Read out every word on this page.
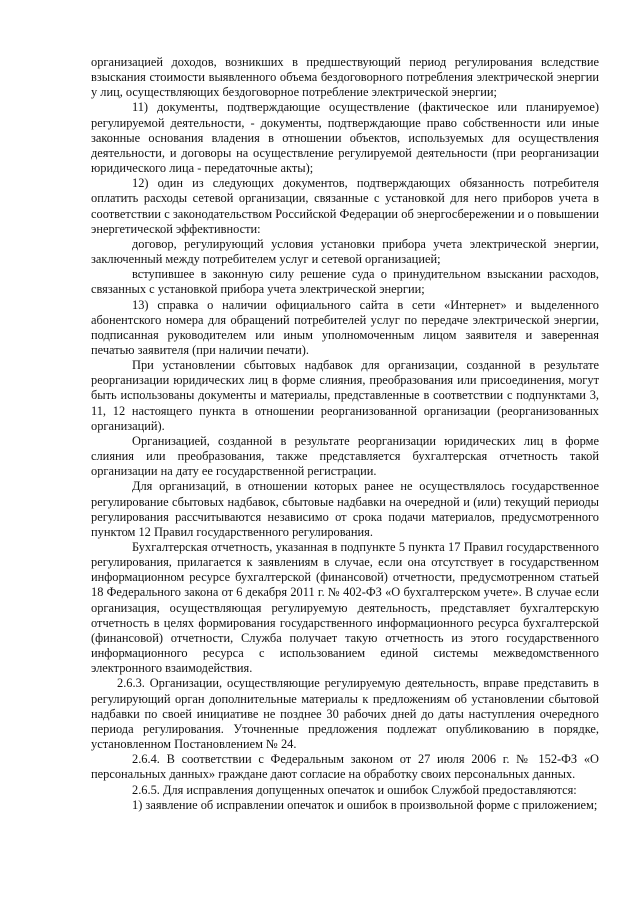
организацией доходов, возникших в предшествующий период регулирования вследствие взыскания стоимости выявленного объема бездоговорного потребления электрической энергии у лиц, осуществляющих бездоговорное потребление электрической энергии;

11) документы, подтверждающие осуществление (фактическое или планируемое) регулируемой деятельности, - документы, подтверждающие право собственности или иные законные основания владения в отношении объектов, используемых для осуществления деятельности, и договоры на осуществление регулируемой деятельности (при реорганизации юридического лица - передаточные акты);

12) один из следующих документов, подтверждающих обязанность потребителя оплатить расходы сетевой организации, связанные с установкой для него приборов учета в соответствии с законодательством Российской Федерации об энергосбережении и о повышении энергетической эффективности:

договор, регулирующий условия установки прибора учета электрической энергии, заключенный между потребителем услуг и сетевой организацией;

вступившее в законную силу решение суда о принудительном взыскании расходов, связанных с установкой прибора учета электрической энергии;

13) справка о наличии официального сайта в сети «Интернет» и выделенного абонентского номера для обращений потребителей услуг по передаче электрической энергии, подписанная руководителем или иным уполномоченным лицом заявителя и заверенная печатью заявителя (при наличии печати).

При установлении сбытовых надбавок для организации, созданной в результате реорганизации юридических лиц в форме слияния, преобразования или присоединения, могут быть использованы документы и материалы, представленные в соответствии с подпунктами 3, 11, 12 настоящего пункта в отношении реорганизованной организации (реорганизованных организаций).

Организацией, созданной в результате реорганизации юридических лиц в форме слияния или преобразования, также представляется бухгалтерская отчетность такой организации на дату ее государственной регистрации.

Для организаций, в отношении которых ранее не осуществлялось государственное регулирование сбытовых надбавок, сбытовые надбавки на очередной и (или) текущий периоды регулирования рассчитываются независимо от срока подачи материалов, предусмотренного пунктом 12 Правил государственного регулирования.

Бухгалтерская отчетность, указанная в подпункте 5 пункта 17 Правил государственного регулирования, прилагается к заявлениям в случае, если она отсутствует в государственном информационном ресурсе бухгалтерской (финансовой) отчетности, предусмотренном статьей 18 Федерального закона от 6 декабря 2011 г. № 402-ФЗ «О бухгалтерском учете». В случае если организация, осуществляющая регулируемую деятельность, представляет бухгалтерскую отчетность в целях формирования государственного информационного ресурса бухгалтерской (финансовой) отчетности, Служба получает такую отчетность из этого государственного информационного ресурса с использованием единой системы межведомственного электронного взаимодействия.

2.6.3. Организации, осуществляющие регулируемую деятельность, вправе представить в регулирующий орган дополнительные материалы к предложениям об установлении сбытовой надбавки по своей инициативе не позднее 30 рабочих дней до даты наступления очередного периода регулирования. Уточненные предложения подлежат опубликованию в порядке, установленном Постановлением № 24.

2.6.4. В соответствии с Федеральным законом от 27 июля 2006 г. № 152-ФЗ «О персональных данных» граждане дают согласие на обработку своих персональных данных.

2.6.5. Для исправления допущенных опечаток и ошибок Службой предоставляются:

1) заявление об исправлении опечаток и ошибок в произвольной форме с приложением;
